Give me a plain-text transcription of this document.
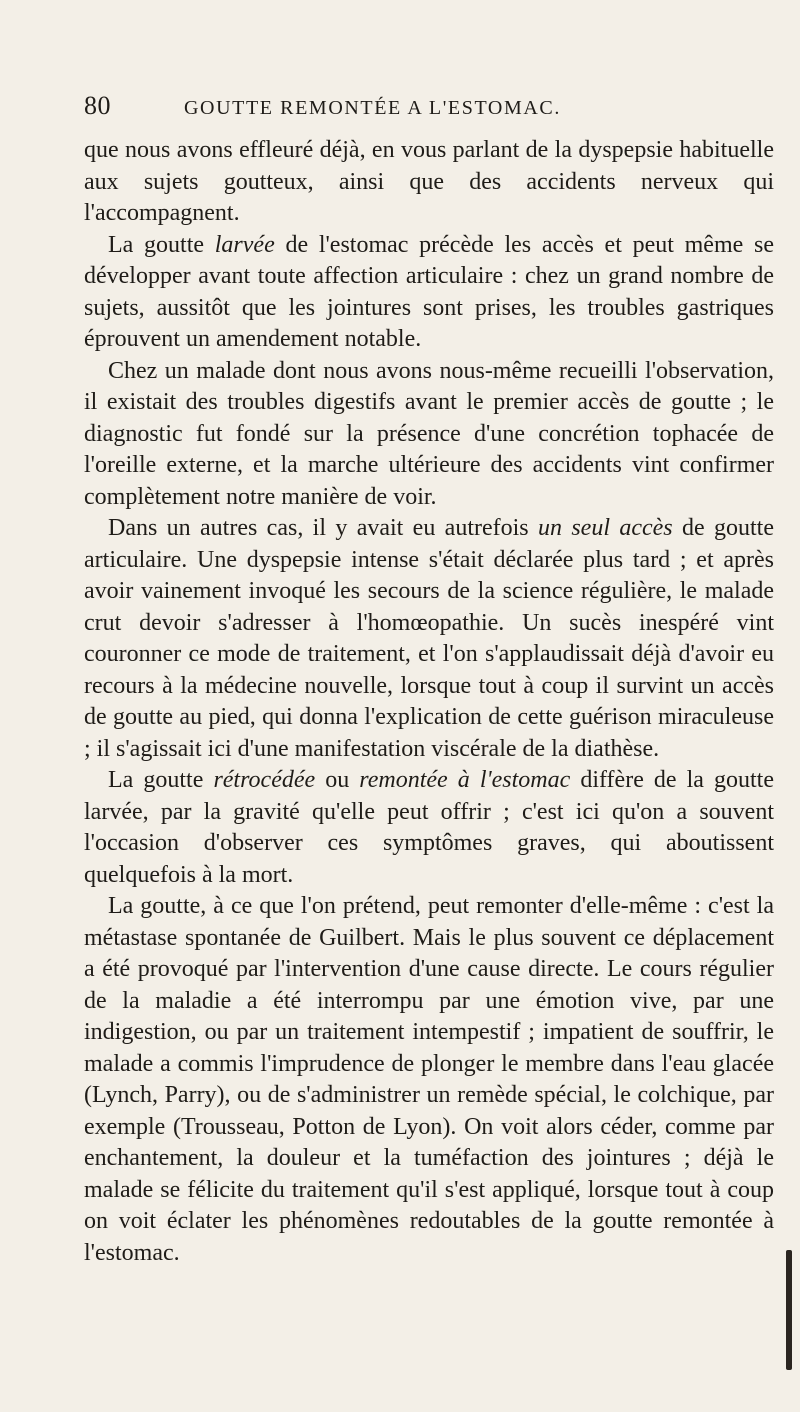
80	GOUTTE REMONTÉE A L'ESTOMAC.

que nous avons effleuré déjà, en vous parlant de la dyspepsie habituelle aux sujets goutteux, ainsi que des accidents nerveux qui l'accompagnent.

La goutte larvée de l'estomac précède les accès et peut même se développer avant toute affection articulaire : chez un grand nombre de sujets, aussitôt que les jointures sont prises, les troubles gastriques éprouvent un amendement notable.

Chez un malade dont nous avons nous-même recueilli l'observation, il existait des troubles digestifs avant le premier accès de goutte ; le diagnostic fut fondé sur la présence d'une concrétion tophacée de l'oreille externe, et la marche ultérieure des accidents vint confirmer complètement notre manière de voir.

Dans un autres cas, il y avait eu autrefois un seul accès de goutte articulaire. Une dyspepsie intense s'était déclarée plus tard ; et après avoir vainement invoqué les secours de la science régulière, le malade crut devoir s'adresser à l'homœopathie. Un sucès inespéré vint couronner ce mode de traitement, et l'on s'applaudissait déjà d'avoir eu recours à la médecine nouvelle, lorsque tout à coup il survint un accès de goutte au pied, qui donna l'explication de cette guérison miraculeuse ; il s'agissait ici d'une manifestation viscérale de la diathèse.

La goutte rétrocédée ou remontée à l'estomac diffère de la goutte larvée, par la gravité qu'elle peut offrir ; c'est ici qu'on a souvent l'occasion d'observer ces symptômes graves, qui aboutissent quelquefois à la mort.

La goutte, à ce que l'on prétend, peut remonter d'elle-même : c'est la métastase spontanée de Guilbert. Mais le plus souvent ce déplacement a été provoqué par l'intervention d'une cause directe. Le cours régulier de la maladie a été interrompu par une émotion vive, par une indigestion, ou par un traitement intempestif ; impatient de souffrir, le malade a commis l'imprudence de plonger le membre dans l'eau glacée (Lynch, Parry), ou de s'administrer un remède spécial, le colchique, par exemple (Trousseau, Potton de Lyon). On voit alors céder, comme par enchantement, la douleur et la tuméfaction des jointures ; déjà le malade se félicite du traitement qu'il s'est appliqué, lorsque tout à coup on voit éclater les phénomènes redoutables de la goutte remontée à l'estomac.
